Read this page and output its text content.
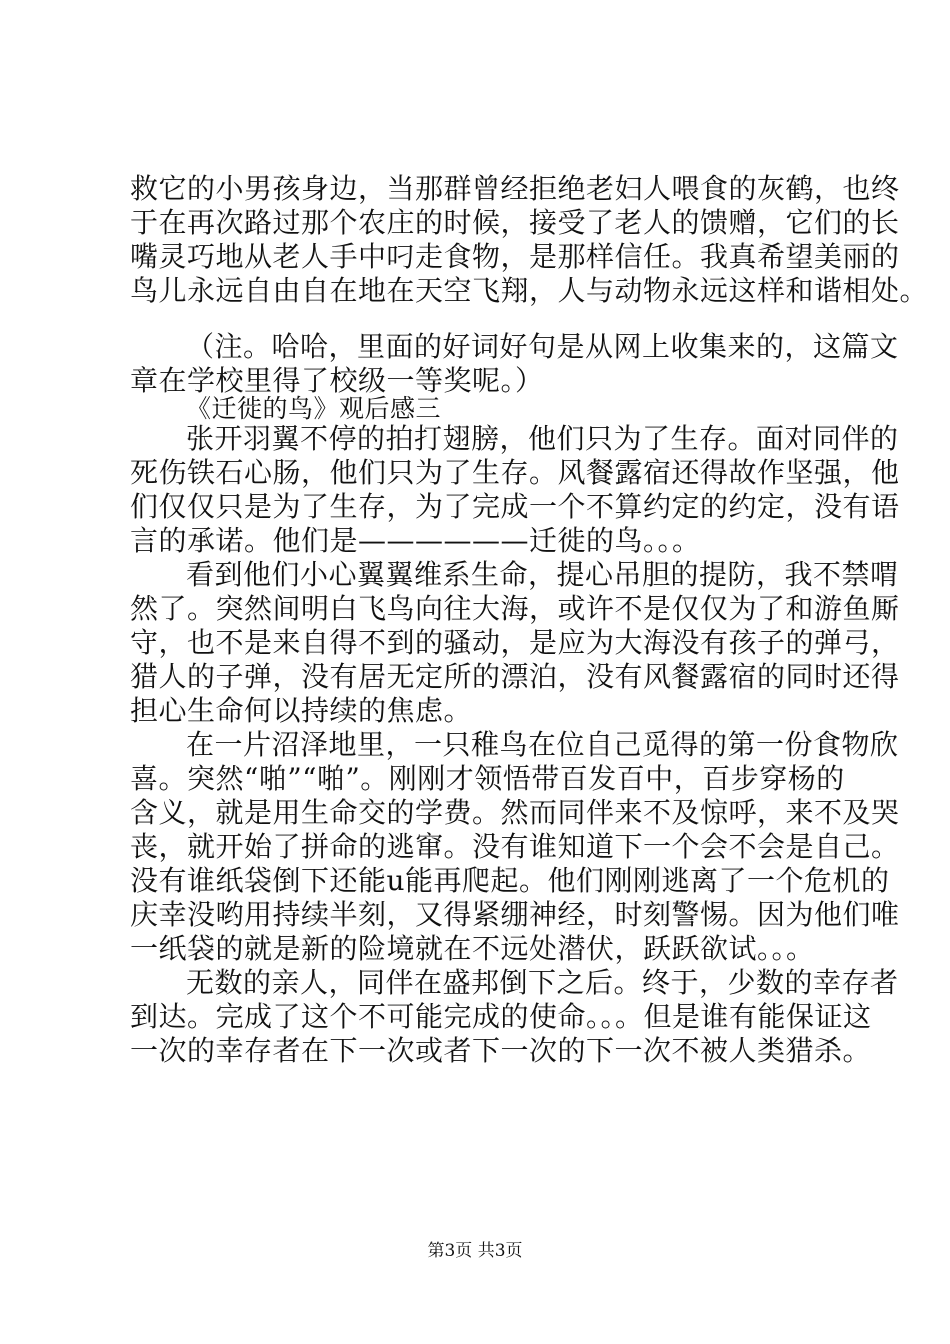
救它的小男孩身边，当那群曾经拒绝老妇人喂食的灰鹤，也终
于在再次路过那个农庄的时候，接受了老人的馈赠，它们的长
嘴灵巧地从老人手中叼走食物，是那样信任。我真希望美丽的
鸟儿永远自由自在地在天空飞翔，人与动物永远这样和谐相处。
（注。哈哈，里面的好词好句是从网上收集来的，这篇文
章在学校里得了校级一等奖呢。）
《迁徙的鸟》观后感三
张开羽翼不停的拍打翅膀，他们只为了生存。面对同伴的
死伤铁石心肠，他们只为了生存。风餐露宿还得故作坚强，他
们仅仅只是为了生存，为了完成一个不算约定的约定，没有语
言的承诺。他们是——————迁徙的鸟。。。
看到他们小心翼翼维系生命，提心吊胆的提防，我不禁喟
然了。突然间明白飞鸟向往大海，或许不是仅仅为了和游鱼厮
守，也不是来自得不到的骚动，是应为大海没有孩子的弹弓，
猎人的子弹，没有居无定所的漂泊，没有风餐露宿的同时还得
担心生命何以持续的焦虑。
在一片沼泽地里，一只稚鸟在位自己觅得的第一份食物欣
喜。突然“啪”“啪”。刚刚才领悟带百发百中，百步穿杨的
含义，就是用生命交的学费。然而同伴来不及惊呼，来不及哭
丧，就开始了拼命的逃窜。没有谁知道下一个会不会是自己。
没有谁纸袋倒下还能u能再爬起。他们刚刚逃离了一个危机的
庆幸没哟用持续半刻，又得紧绷神经，时刻警惕。因为他们唯
一纸袋的就是新的险境就在不远处潜伏，跃跃欲试。。。
无数的亲人，同伴在盛邦倒下之后。终于，少数的幸存者
到达。完成了这个不可能完成的使命。。。但是谁有能保证这
一次的幸存者在下一次或者下一次的下一次不被人类猎杀。
第3页 共3页
